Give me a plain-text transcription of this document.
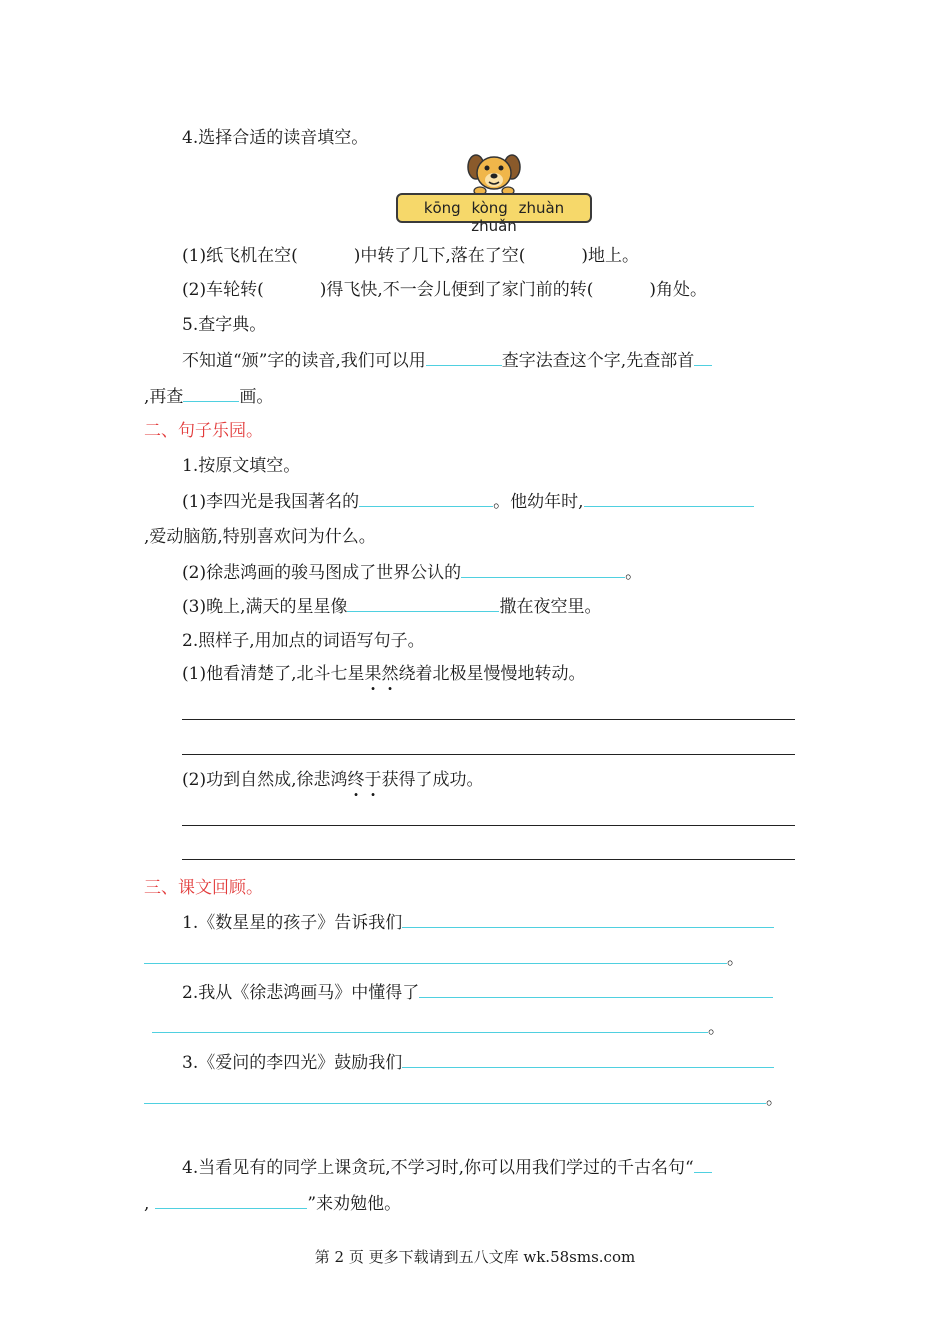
4.选择合适的读音填空。
kōng kòng zhuàn zhuǎn
(1)纸飞机在空(	)中转了几下,落在了空(	)地上。
(2)车轮转(	)得飞快,不一会儿便到了家门前的转(	)角处。
5.查字典。
不知道“颁”字的读音,我们可以用	查字法查这个字,先查部首
,再查	画。
二、句子乐园。
1.按原文填空。
(1)李四光是我国著名的	。他幼年时,
,爱动脑筋,特别喜欢问为什么。
(2)徐悲鸿画的骏马图成了世界公认的	。
(3)晚上,满天的星星像	撒在夜空里。
2.照样子,用加点的词语写句子。
(1)他看清楚了,北斗七星果然绕着北极星慢慢地转动。
(2)功到自然成,徐悲鸿终于获得了成功。
三、课文回顾。
1.《数星星的孩子》告诉我们
。
2.我从《徐悲鸿画马》中懂得了
。
3.《爱问的李四光》鼓励我们
。
4.当看见有的同学上课贪玩,不学习时,你可以用我们学过的千古名句“
,	”来劝勉他。
第 2 页 更多下载请到五八文库 wk.58sms.com
